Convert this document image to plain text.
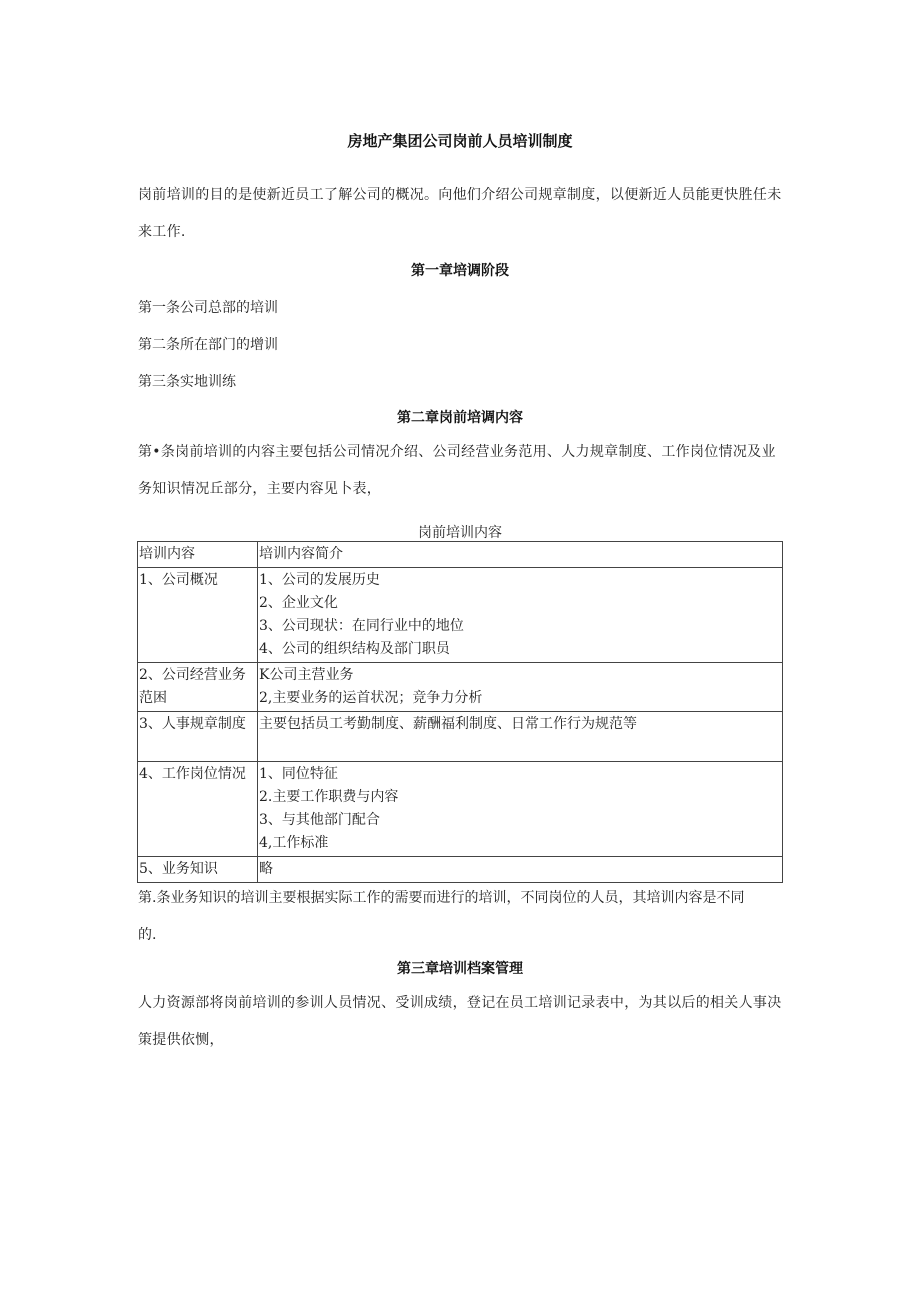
房地产集团公司岗前人员培训制度
岗前培训的目的是使新近员工了解公司的概况。向他们介绍公司规章制度，以便新近人员能更快胜任未来工作.
第一章培调阶段
第一条公司总部的培训
第二条所在部门的增训
第三条实地训练
第二章岗前培调内容
第•条岗前培训的内容主要包括公司情况介绍、公司经营业务范用、人力规章制度、工作岗位情况及业务知识情况丘部分，主要内容见卜表，
岗前培训内容
培训内容	培训内容简介
1、公司概况	1、公司的发展历史
2、企业文化
3、公司现状：在同行业中的地位
4、公司的组织结构及部门职员

2、公司经营业务范困	K公司主营业务
2,主要业务的运首状况；竞争力分析

3、人事规章制度	主要包括员工考勤制度、薪酬福利制度、日常工作行为规范等

4、工作岗位情况	1、同位特征
2.主要工作职费与内容
3、与其他部门配合
4,工作标准

5、业务知识	略
第.条业务知识的培训主要根据实际工作的需要而进行的培训，不同岗位的人员，其培训内容是不同的.
第三章培训档案管理
人力资源部将岗前培训的参训人员情况、受训成绩，登记在员工培训记录表中，为其以后的相关人事决策提供依恻，
